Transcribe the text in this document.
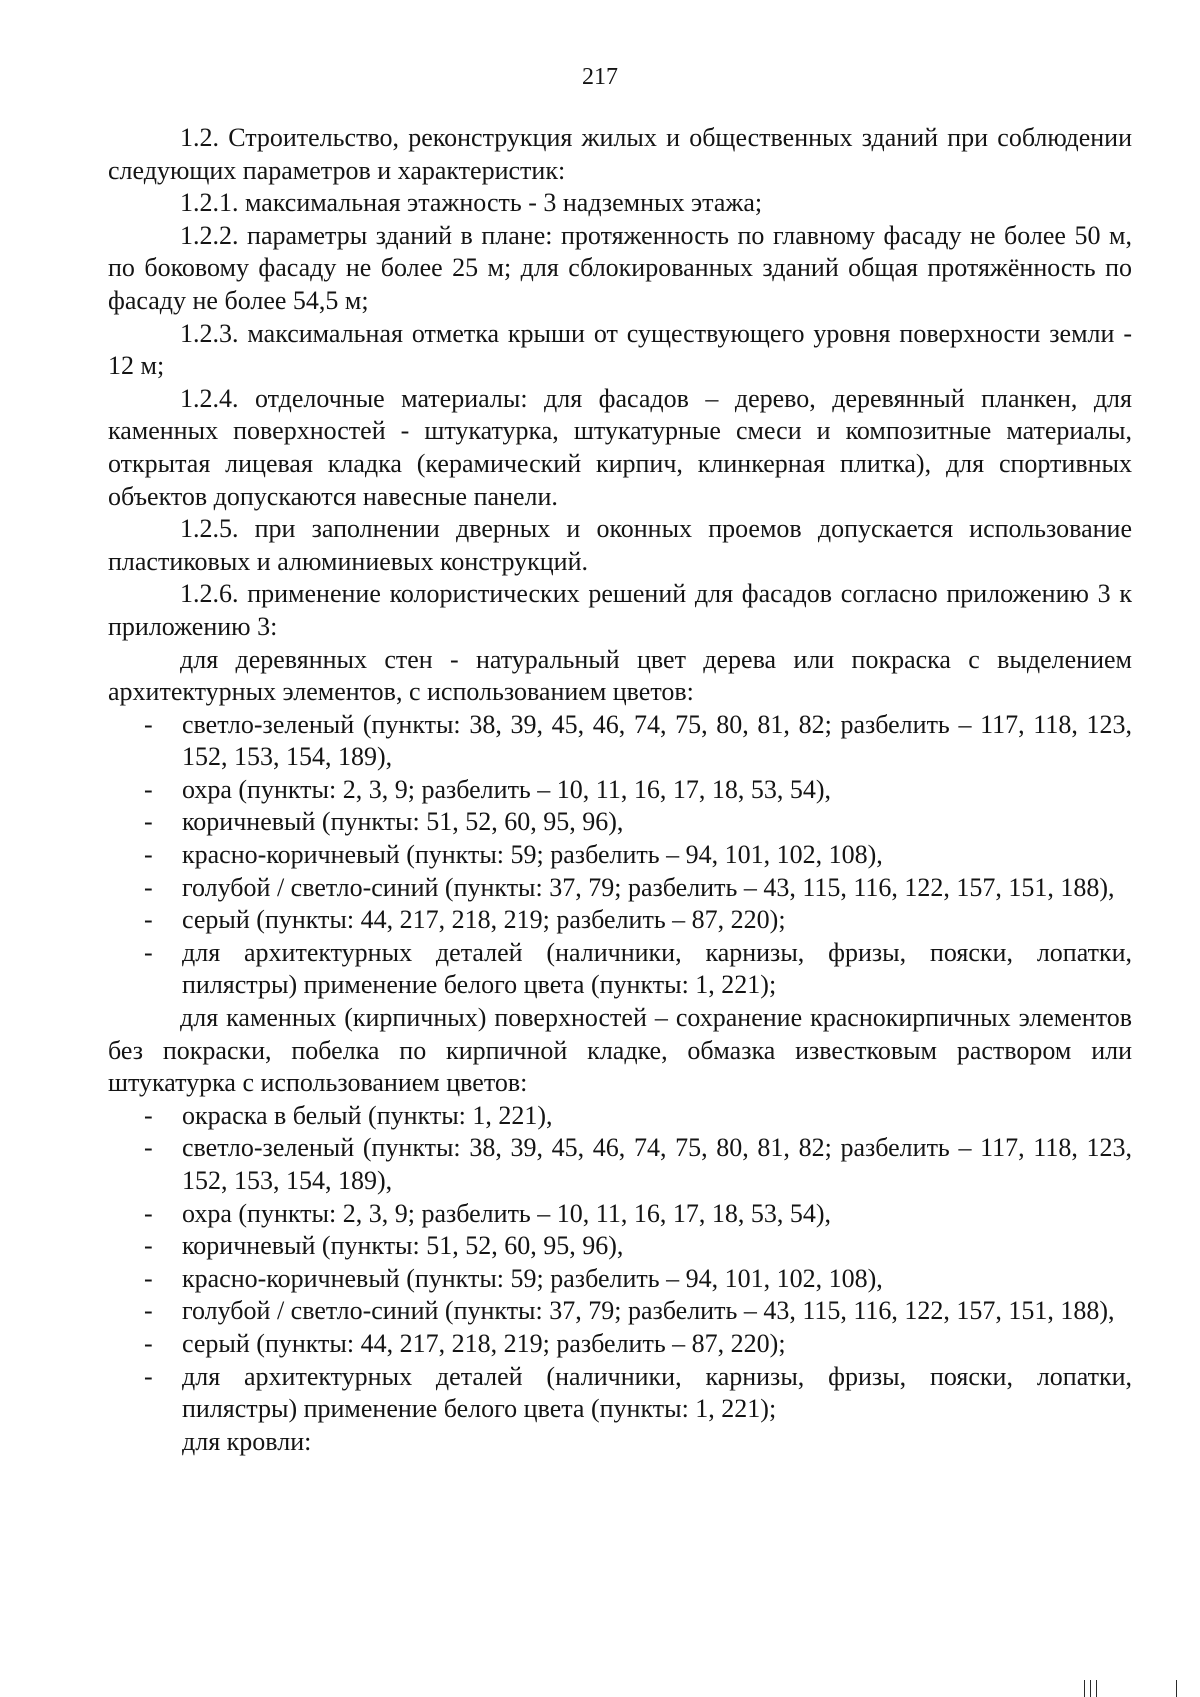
217

1.2. Строительство, реконструкция жилых и общественных зданий при соблюдении следующих параметров и характеристик:

1.2.1. максимальная этажность - 3 надземных этажа;

1.2.2. параметры зданий в плане: протяженность по главному фасаду не более 50 м, по боковому фасаду не более 25 м; для сблокированных зданий общая протяжённость по фасаду не более 54,5 м;

1.2.3. максимальная отметка крыши от существующего уровня поверхности земли - 12 м;

1.2.4. отделочные материалы: для фасадов – дерево, деревянный планкен, для каменных поверхностей - штукатурка, штукатурные смеси и композитные материалы, открытая лицевая кладка (керамический кирпич, клинкерная плитка), для спортивных объектов допускаются навесные панели.

1.2.5. при заполнении дверных и оконных проемов допускается использование пластиковых и алюминиевых конструкций.

1.2.6. применение колористических решений для фасадов согласно приложению 3 к приложению 3:

для деревянных стен - натуральный цвет дерева или покраска с выделением архитектурных элементов, с использованием цветов:

- светло-зеленый (пункты: 38, 39, 45, 46, 74, 75, 80, 81, 82; разбелить – 117, 118, 123, 152, 153, 154, 189),
- охра (пункты: 2, 3, 9; разбелить – 10, 11, 16, 17, 18, 53, 54),
- коричневый (пункты: 51, 52, 60, 95, 96),
- красно-коричневый (пункты: 59; разбелить – 94, 101, 102, 108),
- голубой / светло-синий (пункты: 37, 79; разбелить – 43, 115, 116, 122, 157, 151, 188),
- серый (пункты: 44, 217, 218, 219; разбелить – 87, 220);
- для архитектурных деталей (наличники, карнизы, фризы, пояски, лопатки, пилястры) применение белого цвета (пункты: 1, 221);

для каменных (кирпичных) поверхностей – сохранение краснокирпичных элементов без покраски, побелка по кирпичной кладке, обмазка известковым раствором или штукатурка с использованием цветов:

- окраска в белый (пункты: 1, 221),
- светло-зеленый (пункты: 38, 39, 45, 46, 74, 75, 80, 81, 82; разбелить – 117, 118, 123, 152, 153, 154, 189),
- охра (пункты: 2, 3, 9; разбелить – 10, 11, 16, 17, 18, 53, 54),
- коричневый (пункты: 51, 52, 60, 95, 96),
- красно-коричневый (пункты: 59; разбелить – 94, 101, 102, 108),
- голубой / светло-синий (пункты: 37, 79; разбелить – 43, 115, 116, 122, 157, 151, 188),
- серый (пункты: 44, 217, 218, 219; разбелить – 87, 220);
- для архитектурных деталей (наличники, карнизы, фризы, пояски, лопатки, пилястры) применение белого цвета (пункты: 1, 221);
для кровли:
